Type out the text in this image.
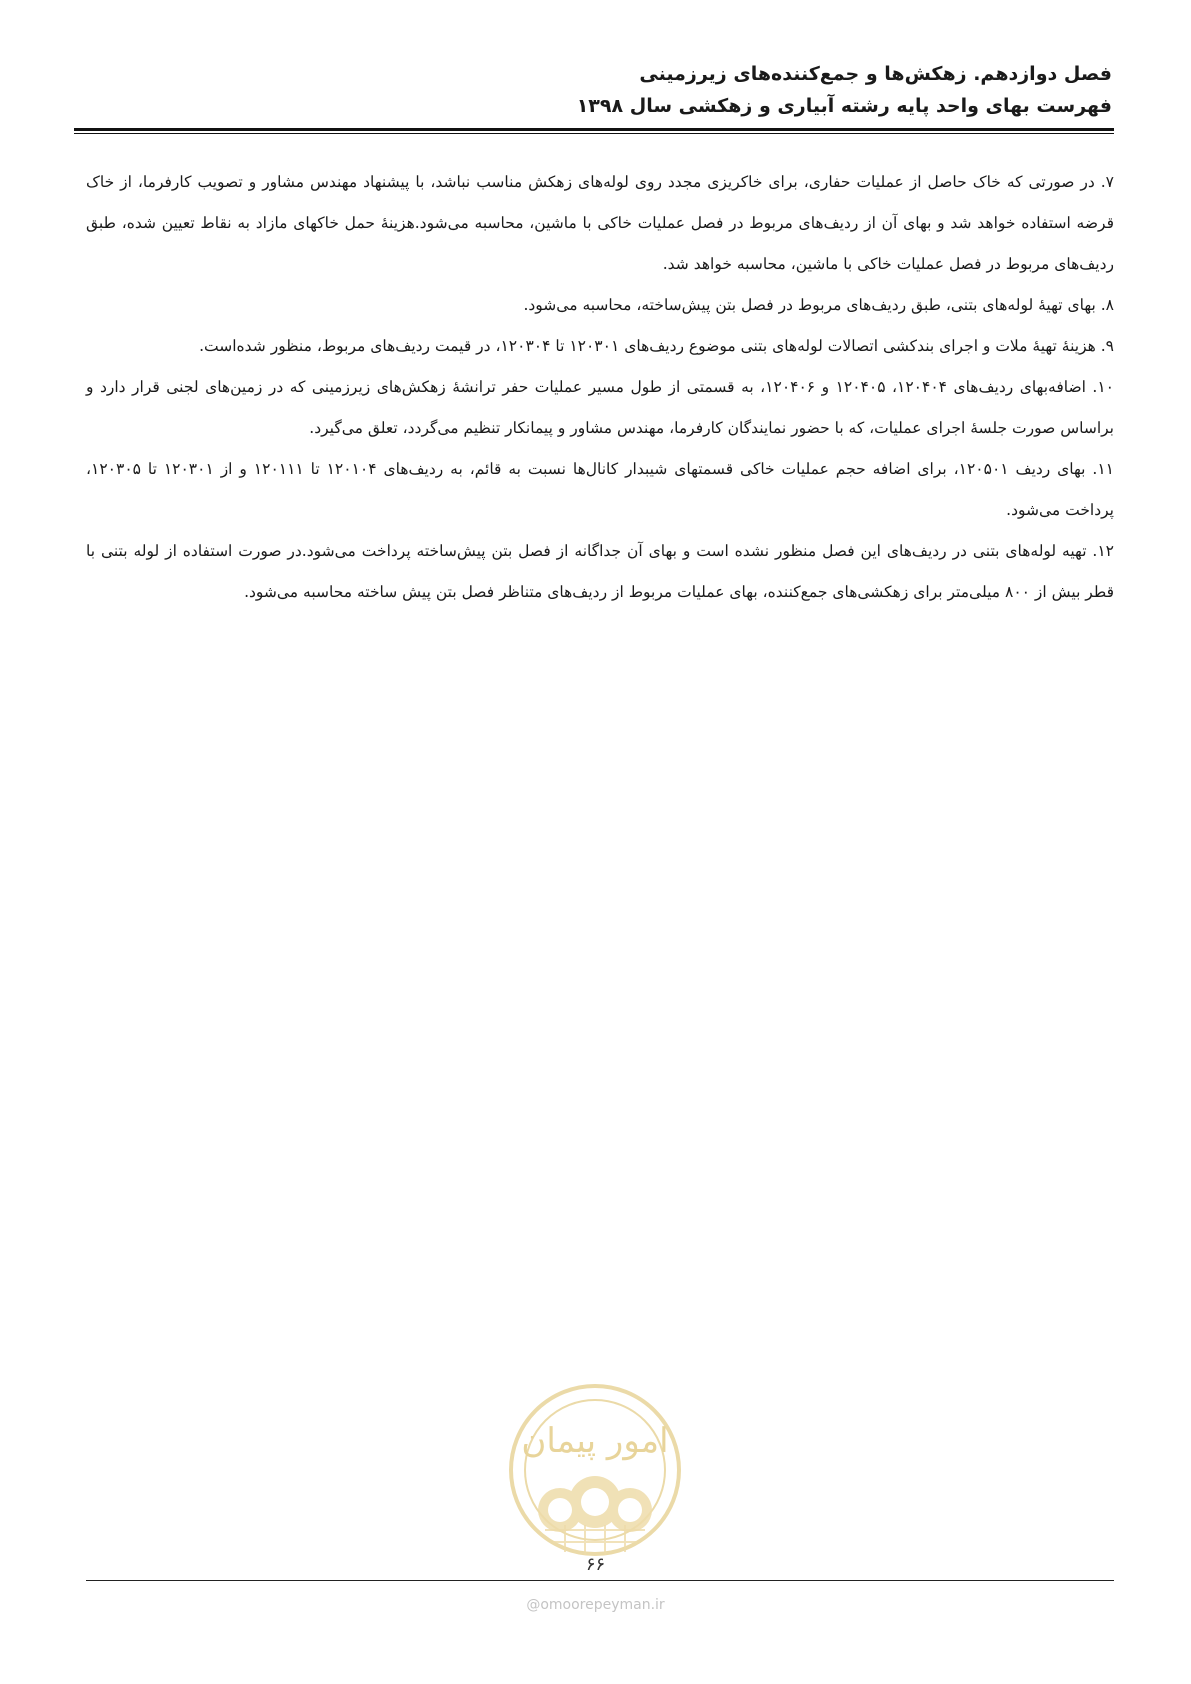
فصل دوازدهم. زهکش‌ها و جمع‌کننده‌های زیرزمینی
فهرست بهای واحد پایه رشته آبیاری و زهکشی سال ۱۳۹۸

۷. در صورتی که خاک حاصل از عملیات حفاری، برای خاکریزی مجدد روی لوله‌های زهکش مناسب نباشد، با پیشنهاد مهندس مشاور و تصویب کارفرما، از خاک قرضه استفاده خواهد شد و بهای آن از ردیف‌های مربوط در فصل عملیات خاکی با ماشین، محاسبه می‌شود.هزینهٔ حمل خاکهای مازاد به نقاط تعیین شده، طبق ردیف‌های مربوط در فصل عملیات خاکی با ماشین، محاسبه خواهد شد.

۸. بهای تهیهٔ لوله‌های بتنی، طبق ردیف‌های مربوط در فصل بتن پیش‌ساخته، محاسبه می‌شود.

۹. هزینهٔ تهیهٔ ملات و اجرای بندکشی اتصالات لوله‌های بتنی موضوع ردیف‌های ۱۲۰۳۰۱ تا ۱۲۰۳۰۴، در قیمت ردیف‌های مربوط، منظور شده‌است.

۱۰. اضافه‌بهای ردیف‌های ۱۲۰۴۰۴، ۱۲۰۴۰۵ و ۱۲۰۴۰۶، به قسمتی از طول مسیر عملیات حفر ترانشهٔ زهکش‌های زیرزمینی که در زمین‌های لجنی قرار دارد و براساس صورت جلسهٔ اجرای عملیات، که با حضور نمایندگان کارفرما، مهندس مشاور و پیمانکار تنظیم می‌گردد، تعلق می‌گیرد.

۱۱. بهای ردیف ۱۲۰۵۰۱، برای اضافه حجم عملیات خاکی قسمتهای شیبدار کانال‌ها نسبت به قائم، به ردیف‌های ۱۲۰۱۰۴ تا ۱۲۰۱۱۱ و از ۱۲۰۳۰۱ تا ۱۲۰۳۰۵، پرداخت می‌شود.

۱۲. تهیه لوله‌های بتنی در ردیف‌های این فصل منظور نشده است و بهای آن جداگانه از فصل بتن پیش‌ساخته پرداخت می‌شود.در صورت استفاده از لوله بتنی با قطر بیش از ۸۰۰ میلی‌متر برای زهکشی‌های جمع‌کننده، بهای عملیات مربوط از ردیف‌های متناظر فصل بتن پیش ساخته محاسبه می‌شود.

امور پیمان
۶۶
@omoorepeyman.ir
